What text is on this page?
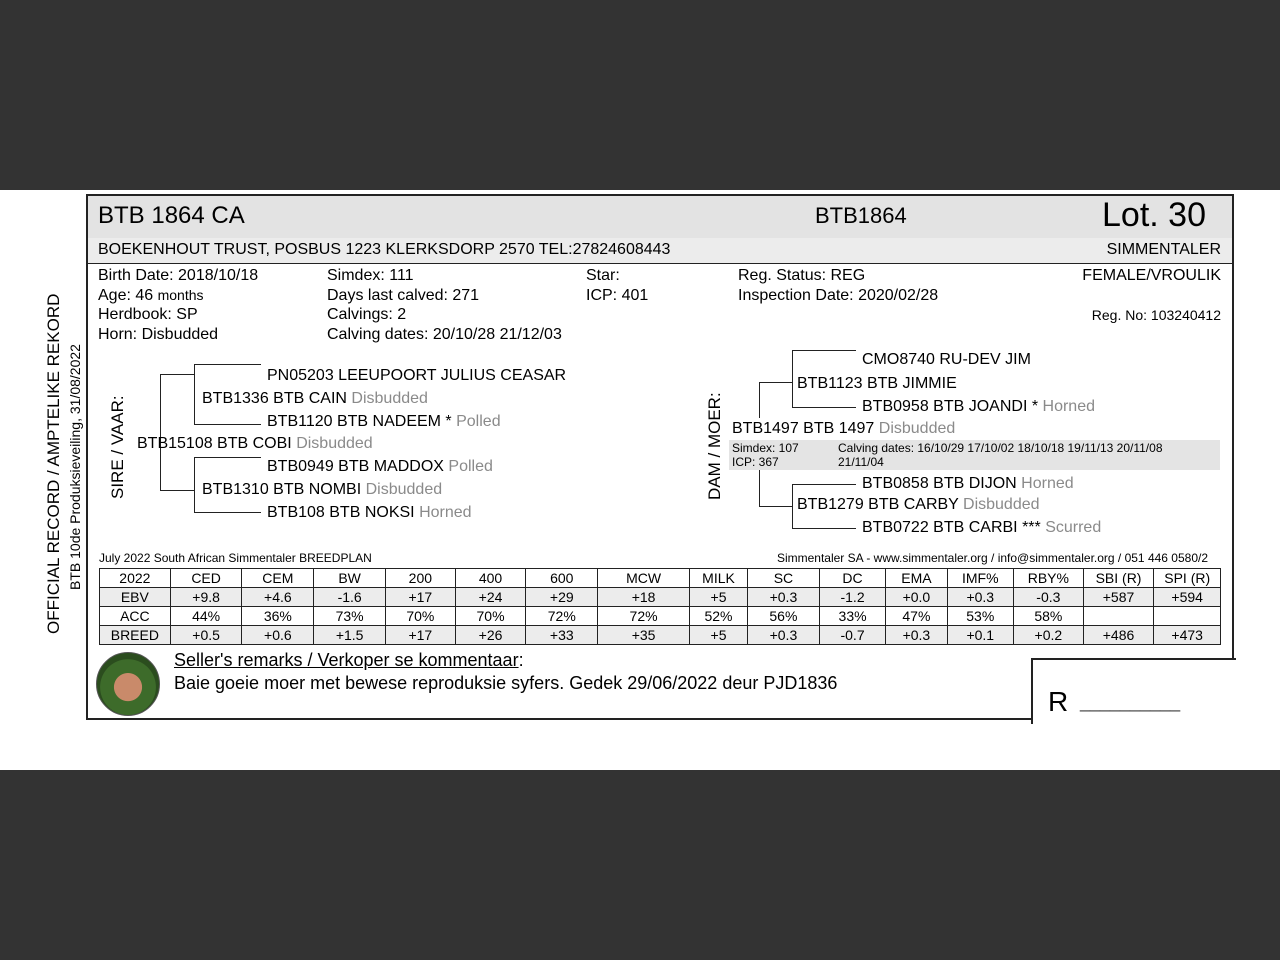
OFFICIAL RECORD / AMPTELIKE REKORD BTB 10de Produksieveiling, 31/08/2022
BTB 1864 CA	BTB1864	Lot. 30
BOEKENHOUT TRUST, POSBUS 1223 KLERKSDORP 2570 TEL:27824608443	SIMMENTALER
Birth Date: 2018/10/18
Age: 46 months
Herdbook: SP
Horn: Disbudded
Simdex: 111
Days last calved: 271
Calvings: 2
Calving dates: 20/10/28 21/12/03
Star:
ICP: 401
Reg. Status: REG
Inspection Date: 2020/02/28
FEMALE/VROULIK
Reg. No: 103240412
SIRE / VAAR:
PN05203 LEEUPOORT JULIUS CEASAR
BTB1336 BTB CAIN Disbudded
BTB1120 BTB NADEEM * Polled
BTB15108 BTB COBI Disbudded
BTB0949 BTB MADDOX Polled
BTB1310 BTB NOMBI Disbudded
BTB108 BTB NOKSI Horned
DAM / MOER:
CMO8740 RU-DEV JIM
BTB1123 BTB JIMMIE
BTB0958 BTB JOANDI * Horned
BTB1497 BTB 1497 Disbudded
Simdex: 107
ICP: 367
Calving dates: 16/10/29 17/10/02 18/10/18 19/11/13 20/11/08
21/11/04
BTB0858 BTB DIJON Horned
BTB1279 BTB CARBY Disbudded
BTB0722 BTB CARBI *** Scurred
July 2022 South African Simmentaler BREEDPLAN	Simmentaler SA - www.simmentaler.org / info@simmentaler.org / 051 446 0580/2
2022	CED	CEM	BW	200	400	600	MCW	MILK	SC	DC	EMA	IMF%	RBY%	SBI (R)	SPI (R)
EBV	+9.8	+4.6	-1.6	+17	+24	+29	+18	+5	+0.3	-1.2	+0.0	+0.3	-0.3	+587	+594
ACC	44%	36%	73%	70%	70%	72%	72%	52%	56%	33%	47%	53%	58%		
BREED	+0.5	+0.6	+1.5	+17	+26	+33	+35	+5	+0.3	-0.7	+0.3	+0.1	+0.2	+486	+473
Seller's remarks / Verkoper se kommentaar:
Baie goeie moer met bewese reproduksie syfers. Gedek 29/06/2022 deur PJD1836
R __________
